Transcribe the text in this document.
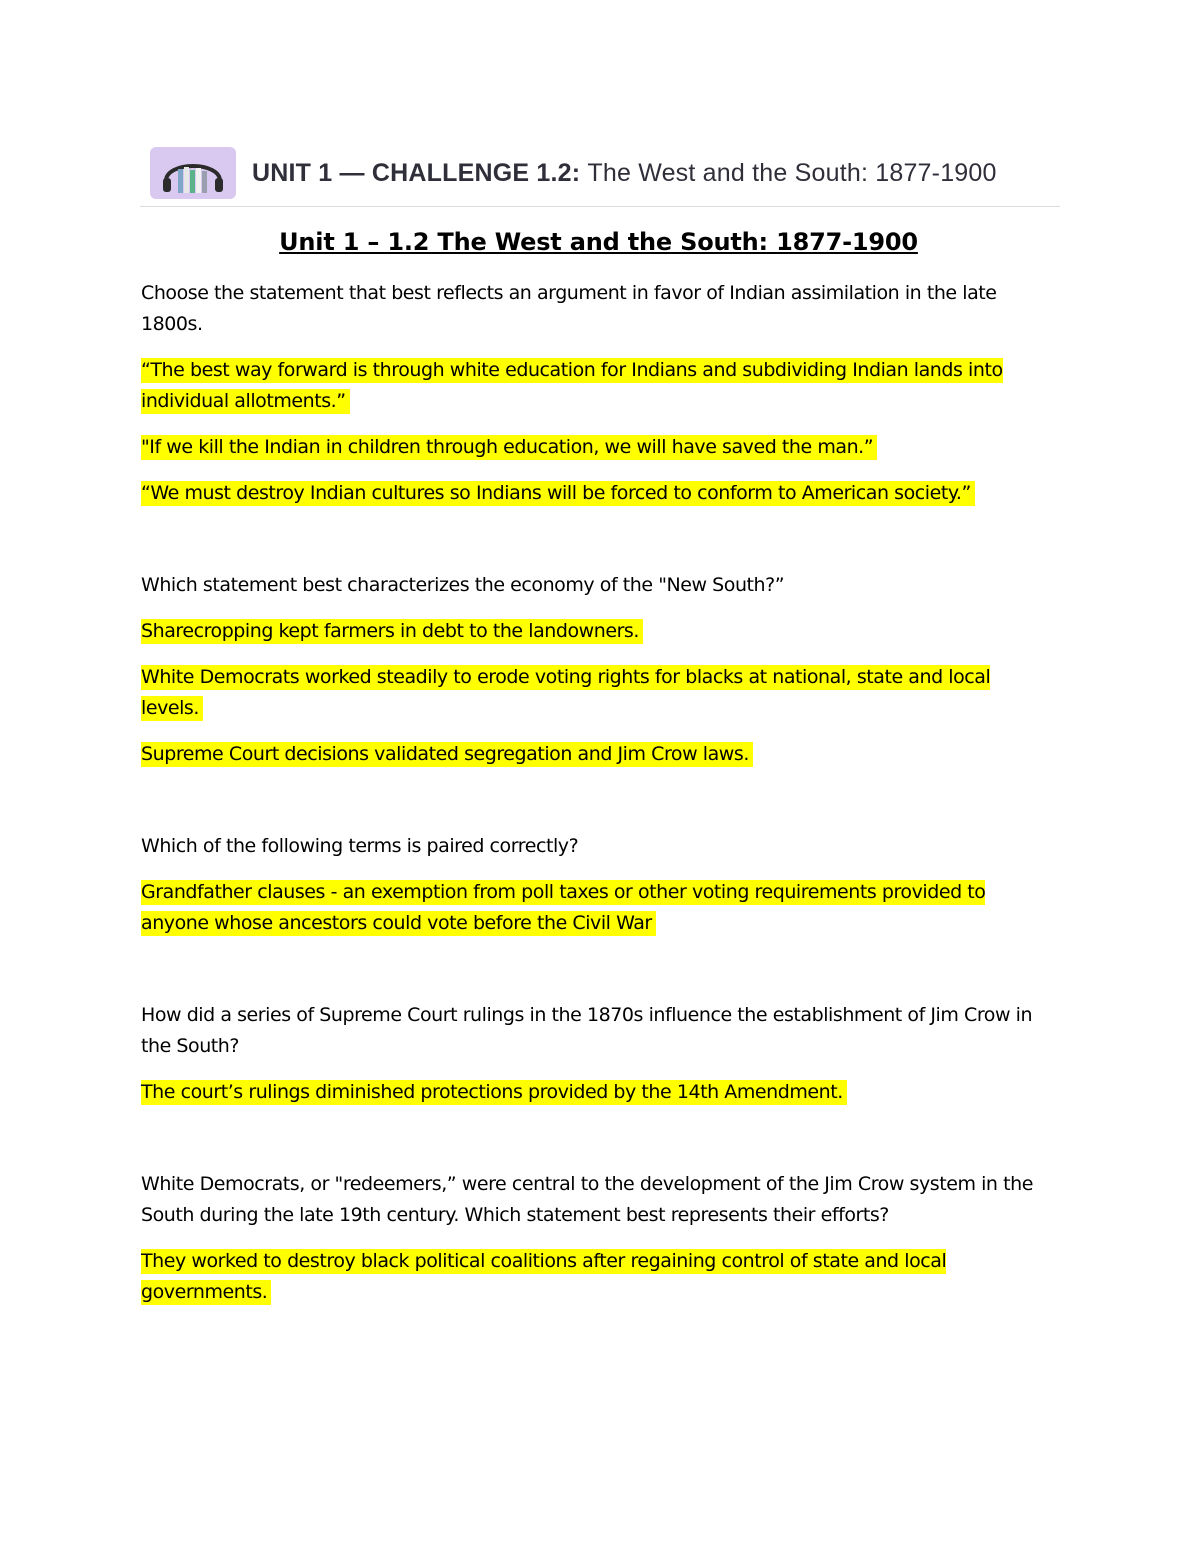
UNIT 1 — CHALLENGE 1.2: The West and the South: 1877-1900
Unit 1 – 1.2 The West and the South: 1877-1900

Choose the statement that best reflects an argument in favor of Indian assimilation in the late 1800s.

“The best way forward is through white education for Indians and subdividing Indian lands into individual allotments.”

"If we kill the Indian in children through education, we will have saved the man.”

“We must destroy Indian cultures so Indians will be forced to conform to American society.”

Which statement best characterizes the economy of the "New South?”

Sharecropping kept farmers in debt to the landowners.

White Democrats worked steadily to erode voting rights for blacks at national, state and local levels.

Supreme Court decisions validated segregation and Jim Crow laws.

Which of the following terms is paired correctly?

Grandfather clauses - an exemption from poll taxes or other voting requirements provided to anyone whose ancestors could vote before the Civil War

How did a series of Supreme Court rulings in the 1870s influence the establishment of Jim Crow in the South?

The court’s rulings diminished protections provided by the 14th Amendment.

White Democrats, or "redeemers,” were central to the development of the Jim Crow system in the South during the late 19th century. Which statement best represents their efforts?

They worked to destroy black political coalitions after regaining control of state and local governments.
